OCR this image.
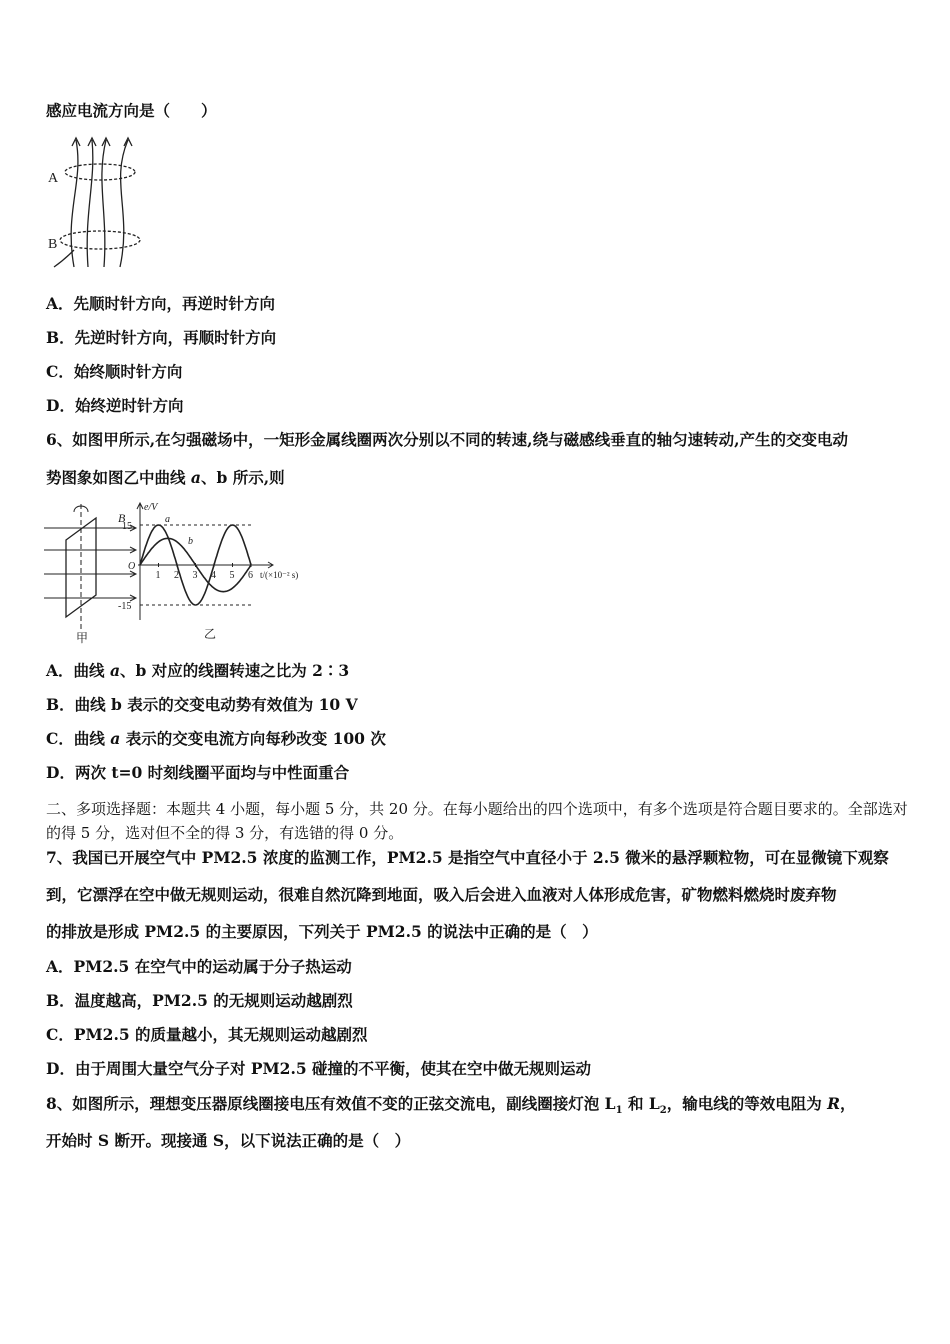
感应电流方向是（　　）
A
B
A．先顺时针方向，再逆时针方向
B．先逆时针方向，再顺时针方向
C．始终顺时针方向
D．始终逆时针方向
6、如图甲所示,在匀强磁场中，一矩形金属线圈两次分别以不同的转速,绕与磁感线垂直的轴匀速转动,产生的交变电动
势图象如图乙中曲线 a、b 所示,则
B
甲
1 2 3 4 5 6
e/V
15
-15
O
t/(×10⁻² s)
a
b
乙
A．曲线 a、b 对应的线圈转速之比为 2∶3
B．曲线 b 表示的交变电动势有效值为 10 V
C．曲线 a 表示的交变电流方向每秒改变 100 次
D．两次 t=0 时刻线圈平面均与中性面重合
二、多项选择题：本题共 4 小题，每小题 5 分，共 20 分。在每小题给出的四个选项中，有多个选项是符合题目要求的。全部选对的得 5 分，选对但不全的得 3 分，有选错的得 0 分。
7、我国已开展空气中 PM2.5 浓度的监测工作，PM2.5 是指空气中直径小于 2.5 微米的悬浮颗粒物，可在显微镜下观察
到，它漂浮在空中做无规则运动，很难自然沉降到地面，吸入后会进入血液对人体形成危害，矿物燃料燃烧时废弃物
的排放是形成 PM2.5 的主要原因，下列关于 PM2.5 的说法中正确的是（　）
A．PM2.5 在空气中的运动属于分子热运动
B．温度越高，PM2.5 的无规则运动越剧烈
C．PM2.5 的质量越小，其无规则运动越剧烈
D．由于周围大量空气分子对 PM2.5 碰撞的不平衡，使其在空中做无规则运动
8、如图所示，理想变压器原线圈接电压有效值不变的正弦交流电，副线圈接灯泡 $L_1$ 和 $L_2$，输电线的等效电阻为 R，
开始时 S 断开。现接通 S，以下说法正确的是（　）
